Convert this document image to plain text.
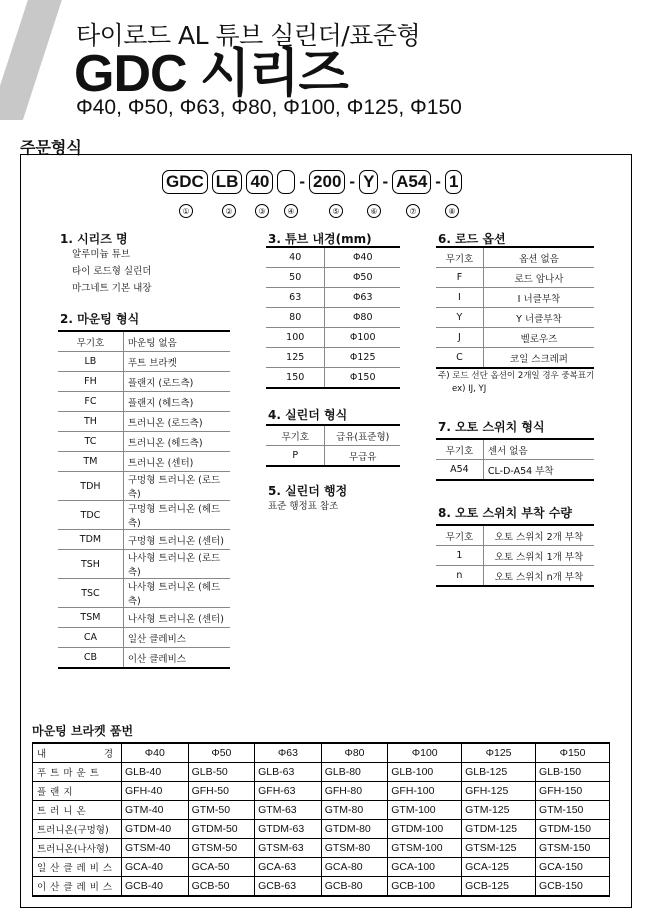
타이로드 AL 튜브 실린더/표준형
GDC 시리즈
Φ40, Φ50, Φ63, Φ80, Φ100, Φ125, Φ150
주문형식
GDC LB 40 - 200 - Y - A54 - 1
①	②	③	④	⑤	⑥	⑦	⑧
1. 시리즈 명
알루미늄 튜브
타이 로드형 실린더
마그네트 기본 내장
2. 마운팅 형식
무기호	마운팅 없음
LB	푸트 브라켓
FH	플랜지 (로드측)
FC	플랜지 (헤드측)
TH	트러니온 (로드측)
TC	트러니온 (헤드측)
TM	트러니온 (센터)
TDH	구멍형 트러니온 (로드측)
TDC	구멍형 트러니온 (헤드측)
TDM	구멍형 트러니온 (센터)
TSH	나사형 트러니온 (로드측)
TSC	나사형 트러니온 (헤드측)
TSM	나사형 트러니온 (센터)
CA	일산 클레비스
CB	이산 클레비스
3. 튜브 내경(mm)
40	Φ40
50	Φ50
63	Φ63
80	Φ80
100	Φ100
125	Φ125
150	Φ150
4. 실린더 형식
무기호	급유(표준형)
P	무급유
5. 실린더 행정
표준 행정표 참조
6. 로드 옵션
무기호	옵션 없음
F	로드 암나사
I	I 너클부착
Y	Y 너클부착
J	벨로우즈
C	코일 스크레퍼
주) 로드 선단 옵션이 2개일 경우 중복표기
ex) IJ, YJ
7. 오토 스위치 형식
무기호	센서 없음
A54	CL-D-A54 부착
8. 오토 스위치 부착 수량
무기호	오토 스위치 2개 부착
1	오토 스위치 1개 부착
n	오토 스위치 n개 부착
마운팅 브라켓 품번
내 경	Φ40	Φ50	Φ63	Φ80	Φ100	Φ125	Φ150
푸트마운트	GLB-40	GLB-50	GLB-63	GLB-80	GLB-100	GLB-125	GLB-150
플랜지	GFH-40	GFH-50	GFH-63	GFH-80	GFH-100	GFH-125	GFH-150
트러니온	GTM-40	GTM-50	GTM-63	GTM-80	GTM-100	GTM-125	GTM-150
트러니온(구멍형)	GTDM-40	GTDM-50	GTDM-63	GTDM-80	GTDM-100	GTDM-125	GTDM-150
트러니온(나사형)	GTSM-40	GTSM-50	GTSM-63	GTSM-80	GTSM-100	GTSM-125	GTSM-150
일산클레비스	GCA-40	GCA-50	GCA-63	GCA-80	GCA-100	GCA-125	GCA-150
이산클레비스	GCB-40	GCB-50	GCB-63	GCB-80	GCB-100	GCB-125	GCB-150
